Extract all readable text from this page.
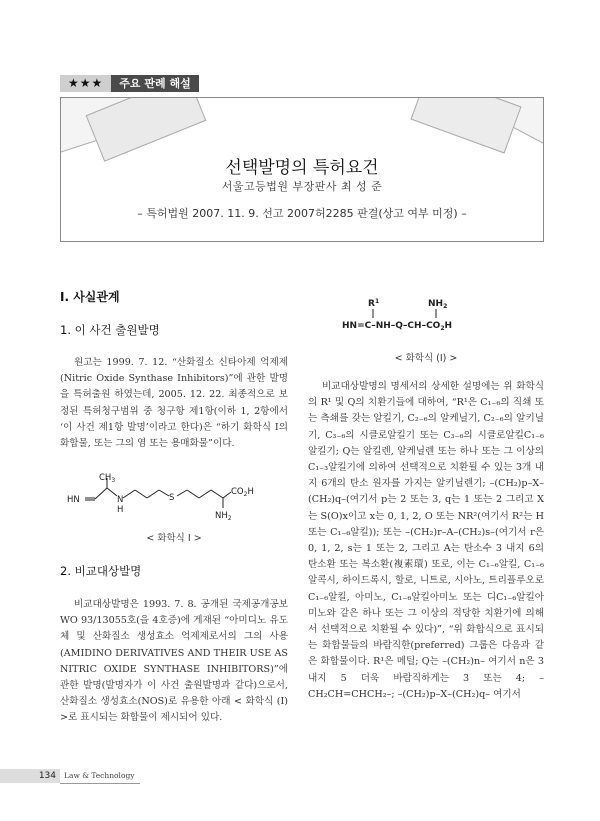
★★★	주요 판례 해설
선택발명의 특허요건
서울고등법원 부장판사 최 성 준
– 특허법원 2007. 11. 9. 선고 2007허2285 판결(상고 여부 미정) –
I. 사실관계
1. 이 사건 출원발명

원고는 1999. 7. 12. “산화질소 신타아제 억제제(Nitric Oxide Synthase Inhibitors)”에 관한 발명을 특허출원 하였는데, 2005. 12. 22. 최종적으로 보정된 특허청구범위 중 청구항 제1항(이하 1, 2항에서 ‘이 사건 제1항 발명’이라고 한다)은 “하기 화학식 I의 화합물, 또는 그의 염 또는 용매화물”이다.

$CH_3$
HN	N
H
S
$CO_2H$
$NH_2$
< 화학식 I >
2. 비교대상발명

비교대상발명은 1993. 7. 8. 공개된 국제공개공보 WO 93/13055호(을 4호증)에 게재된 “아미디노 유도체 및 산화질소 생성효소 억제제로서의 그의 사용(AMIDINO DERIVATIVES AND THEIR USE AS NITRIC OXIDE SYNTHASE INHIBITORS)”에 관한 발명(발명자가 이 사건 출원발명과 같다)으로서, 산화질소 생성효소(NOS)로 유용한 아래 < 화학식 (I) >로 표시되는 화합물이 제시되어 있다.

$R^1$	$NH_2$
$HN=C-NH-Q-CH-CO_2H$
< 화학식 (I) >

비교대상발명의 명세서의 상세한 설명에는 위 화학식의 R¹ 및 Q의 치환기들에 대하여, “R¹은 C₁₋₆의 직쇄 또는 측쇄를 갖는 알킬기, C₂₋₆의 알케닐기, C₂₋₆의 알키닐기, C₃₋₆의 시클로알킬기 또는 C₃₋₆의 시클로알킬C₁₋₆알킬기; Q는 알킬렌, 알케닐렌 또는 하나 또는 그 이상의 C₁₋₃알킬기에 의하여 선택적으로 치환될 수 있는 3개 내지 6개의 탄소 원자를 가지는 알키닐렌기; –(CH₂)p–X–(CH₂)q–(여기서 p는 2 또는 3, q는 1 또는 2 그리고 X는 S(O)x이고 x는 0, 1, 2, O 또는 NR²(여기서 R²는 H 또는 C₁₋₆알킬)); 또는 –(CH₂)r–A–(CH₂)s–(여기서 r은 0, 1, 2, s는 1 또는 2, 그리고 A는 탄소수 3 내지 6의 탄소환 또는 복소환(複素環) 또로, 이는 C₁₋₆알킬, C₁₋₆알콕시, 하이드록시, 할로, 니트로, 시아노, 트리플루오로C₁₋₆알킬, 아미노, C₁₋₆알킬아미노 또는 디C₁₋₆알킬아미노와 같은 하나 또는 그 이상의 적당한 치환기에 의해서 선택적으로 치환될 수 있다)”, “위 화합식으로 표시되는 화합물들의 바람직한(preferred) 그룹은 다음과 같은 화합물이다. R¹은 메틸; Q는 –(CH₂)n– 여기서 n은 3 내지 5 더욱 바람직하게는 3 또는 4; –CH₂CH=CHCH₂–; –(CH₂)p–X–(CH₂)q– 여기서

134	Law & Technology
